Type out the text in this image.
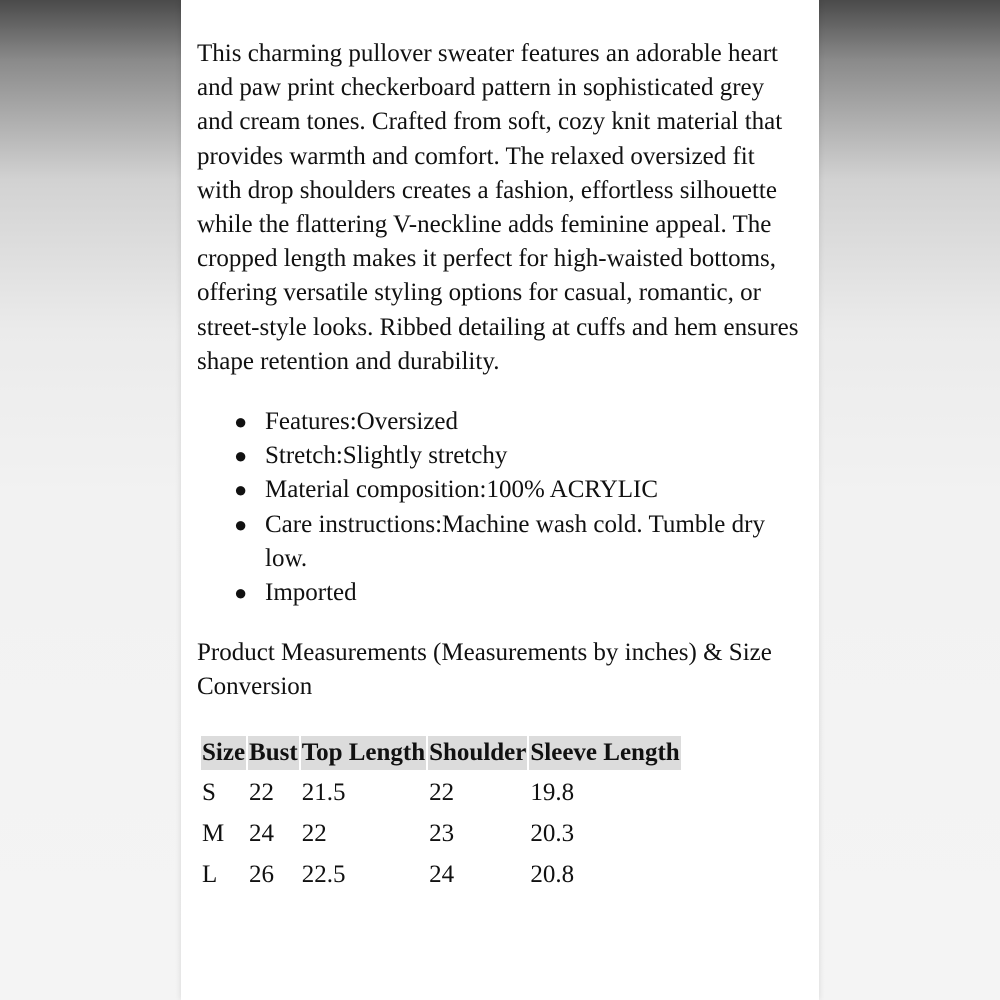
This charming pullover sweater features an adorable heart and paw print checkerboard pattern in sophisticated grey and cream tones. Crafted from soft, cozy knit material that provides warmth and comfort. The relaxed oversized fit with drop shoulders creates a fashion, effortless silhouette while the flattering V-neckline adds feminine appeal. The cropped length makes it perfect for high-waisted bottoms, offering versatile styling options for casual, romantic, or street-style looks. Ribbed detailing at cuffs and hem ensures shape retention and durability.

● Features:Oversized
● Stretch:Slightly stretchy
● Material composition:100% ACRYLIC
● Care instructions:Machine wash cold. Tumble dry low.
● Imported

Product Measurements (Measurements by inches) & Size Conversion

Size	Bust	Top Length	Shoulder	Sleeve Length
S	22	21.5	22	19.8
M	24	22	23	20.3
L	26	22.5	24	20.8
